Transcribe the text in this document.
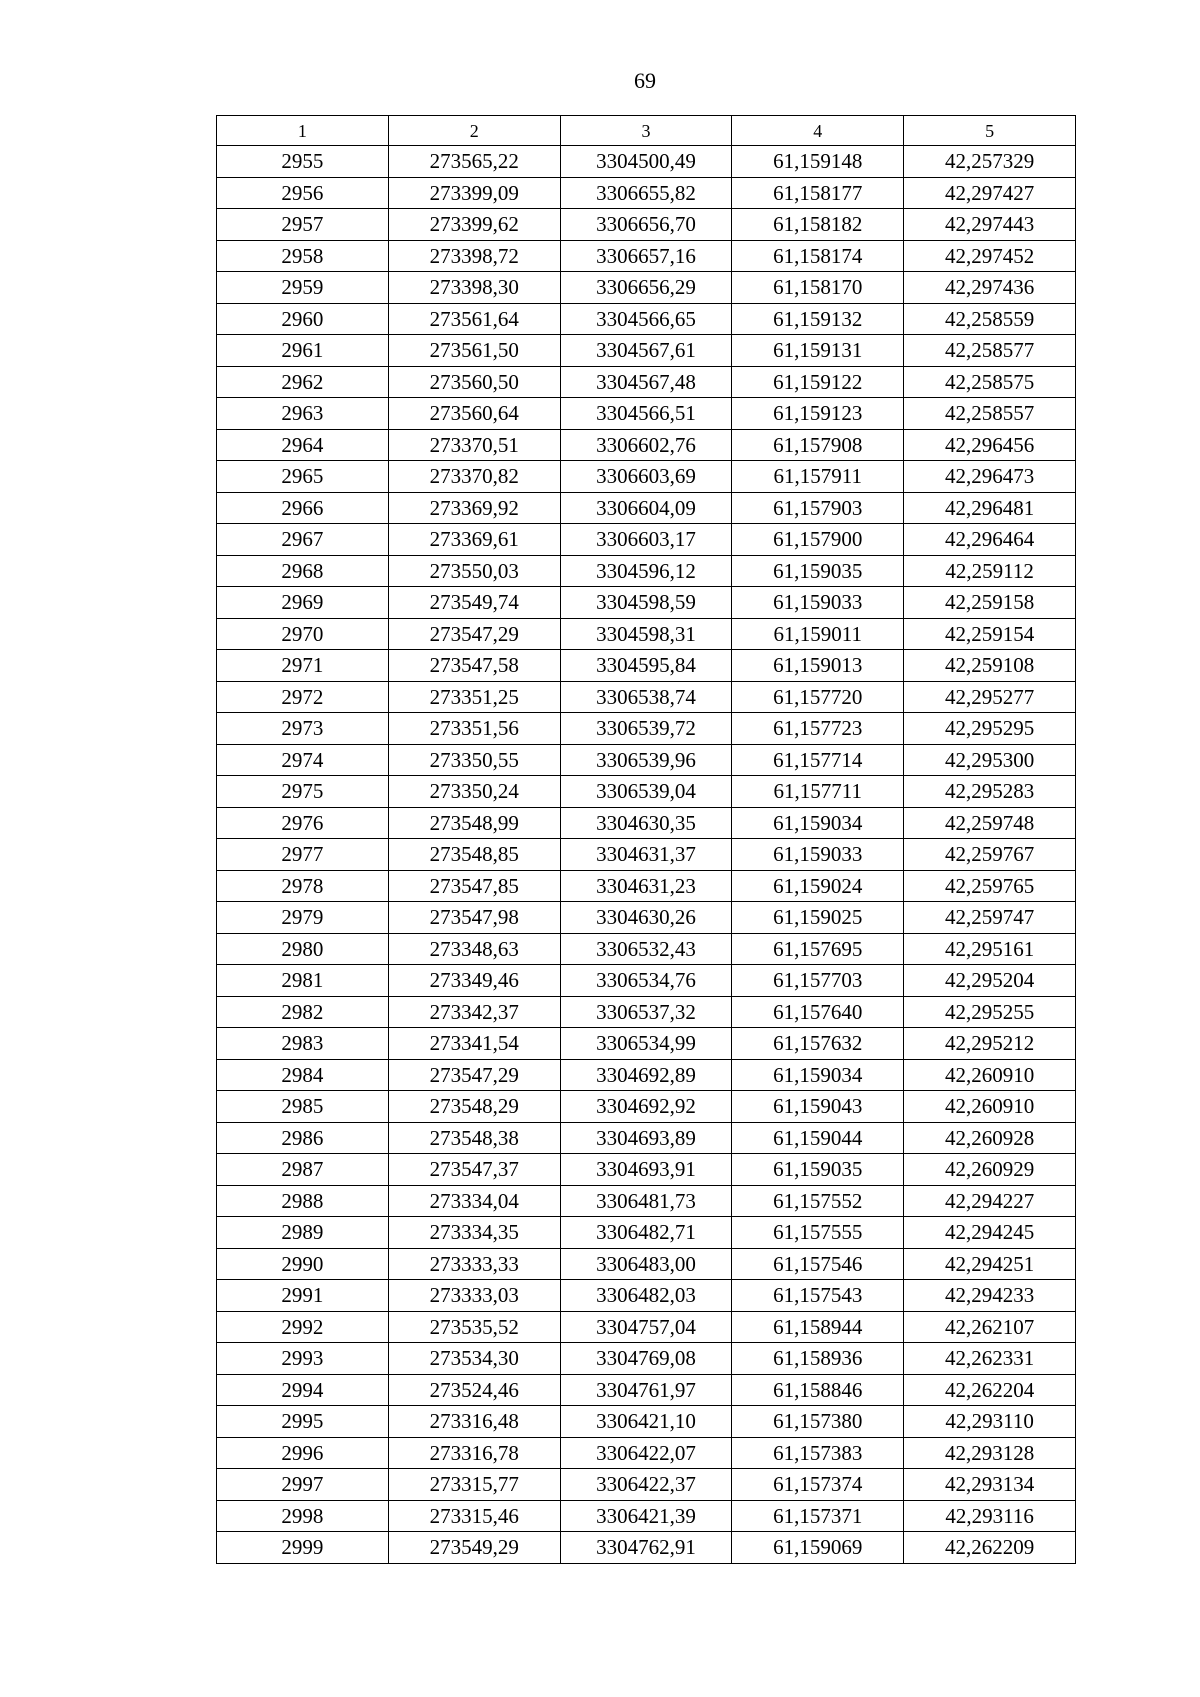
69
1	2	3	4	5
2955	273565,22	3304500,49	61,159148	42,257329
2956	273399,09	3306655,82	61,158177	42,297427
2957	273399,62	3306656,70	61,158182	42,297443
2958	273398,72	3306657,16	61,158174	42,297452
2959	273398,30	3306656,29	61,158170	42,297436
2960	273561,64	3304566,65	61,159132	42,258559
2961	273561,50	3304567,61	61,159131	42,258577
2962	273560,50	3304567,48	61,159122	42,258575
2963	273560,64	3304566,51	61,159123	42,258557
2964	273370,51	3306602,76	61,157908	42,296456
2965	273370,82	3306603,69	61,157911	42,296473
2966	273369,92	3306604,09	61,157903	42,296481
2967	273369,61	3306603,17	61,157900	42,296464
2968	273550,03	3304596,12	61,159035	42,259112
2969	273549,74	3304598,59	61,159033	42,259158
2970	273547,29	3304598,31	61,159011	42,259154
2971	273547,58	3304595,84	61,159013	42,259108
2972	273351,25	3306538,74	61,157720	42,295277
2973	273351,56	3306539,72	61,157723	42,295295
2974	273350,55	3306539,96	61,157714	42,295300
2975	273350,24	3306539,04	61,157711	42,295283
2976	273548,99	3304630,35	61,159034	42,259748
2977	273548,85	3304631,37	61,159033	42,259767
2978	273547,85	3304631,23	61,159024	42,259765
2979	273547,98	3304630,26	61,159025	42,259747
2980	273348,63	3306532,43	61,157695	42,295161
2981	273349,46	3306534,76	61,157703	42,295204
2982	273342,37	3306537,32	61,157640	42,295255
2983	273341,54	3306534,99	61,157632	42,295212
2984	273547,29	3304692,89	61,159034	42,260910
2985	273548,29	3304692,92	61,159043	42,260910
2986	273548,38	3304693,89	61,159044	42,260928
2987	273547,37	3304693,91	61,159035	42,260929
2988	273334,04	3306481,73	61,157552	42,294227
2989	273334,35	3306482,71	61,157555	42,294245
2990	273333,33	3306483,00	61,157546	42,294251
2991	273333,03	3306482,03	61,157543	42,294233
2992	273535,52	3304757,04	61,158944	42,262107
2993	273534,30	3304769,08	61,158936	42,262331
2994	273524,46	3304761,97	61,158846	42,262204
2995	273316,48	3306421,10	61,157380	42,293110
2996	273316,78	3306422,07	61,157383	42,293128
2997	273315,77	3306422,37	61,157374	42,293134
2998	273315,46	3306421,39	61,157371	42,293116
2999	273549,29	3304762,91	61,159069	42,262209
